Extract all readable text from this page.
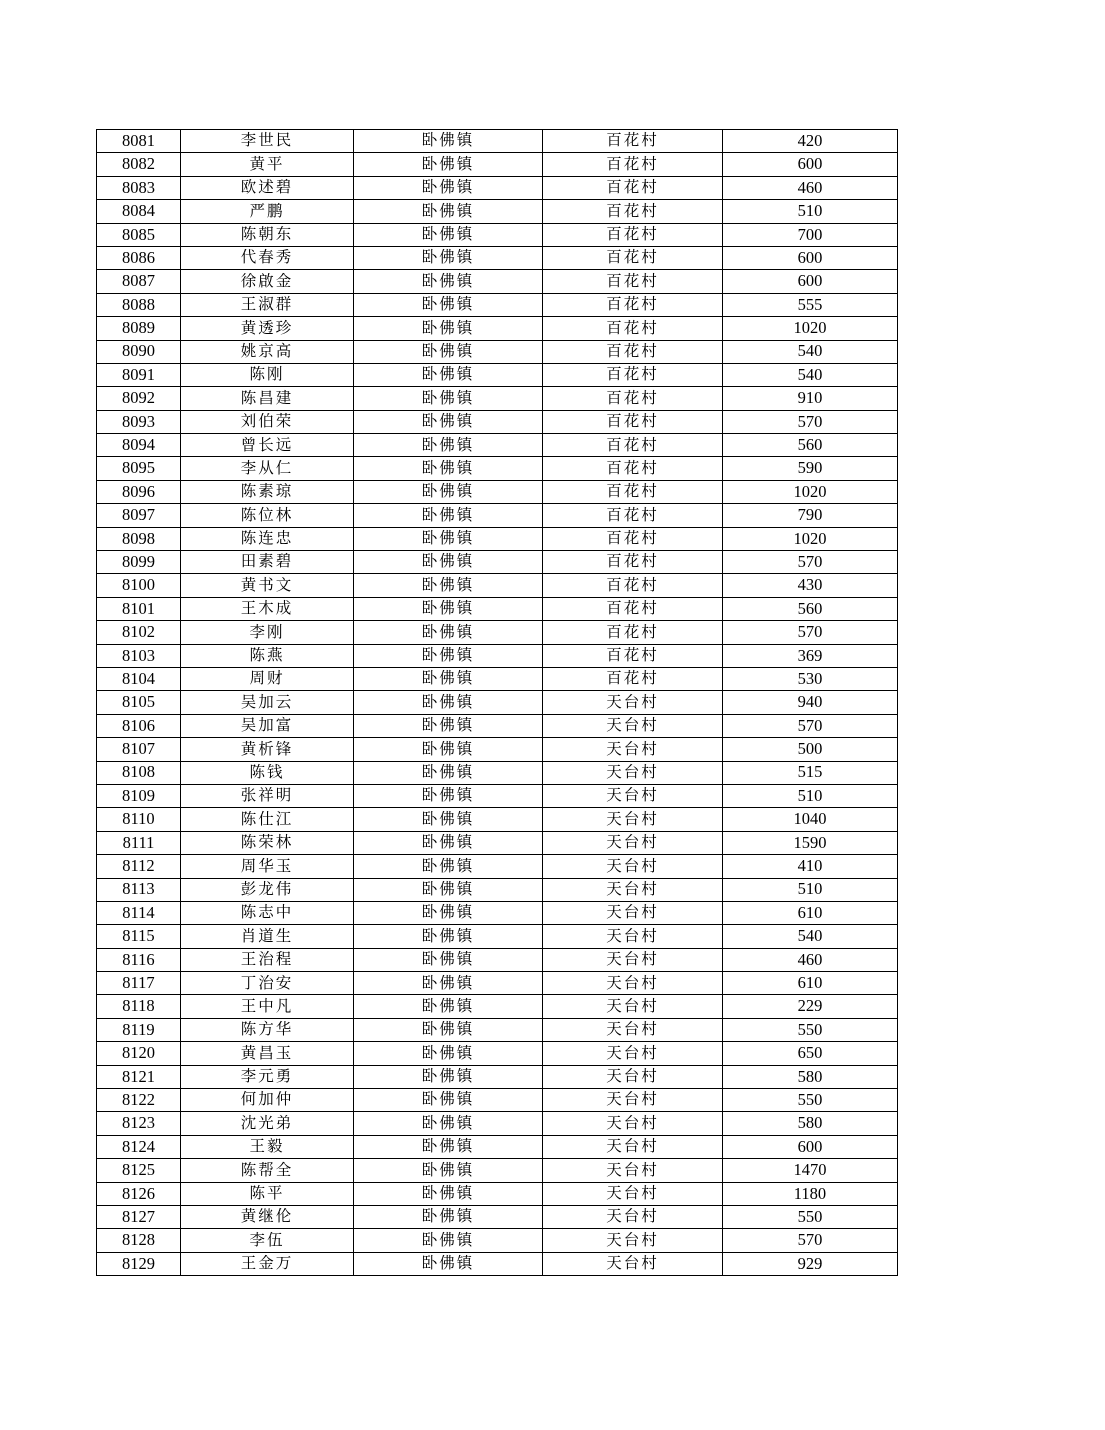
8081	李世民	卧佛镇	百花村	420
8082	黄平	卧佛镇	百花村	600
8083	欧述碧	卧佛镇	百花村	460
8084	严鹏	卧佛镇	百花村	510
8085	陈朝东	卧佛镇	百花村	700
8086	代春秀	卧佛镇	百花村	600
8087	徐啟金	卧佛镇	百花村	600
8088	王淑群	卧佛镇	百花村	555
8089	黄透珍	卧佛镇	百花村	1020
8090	姚京高	卧佛镇	百花村	540
8091	陈刚	卧佛镇	百花村	540
8092	陈昌建	卧佛镇	百花村	910
8093	刘伯荣	卧佛镇	百花村	570
8094	曾长远	卧佛镇	百花村	560
8095	李从仁	卧佛镇	百花村	590
8096	陈素琼	卧佛镇	百花村	1020
8097	陈位林	卧佛镇	百花村	790
8098	陈连忠	卧佛镇	百花村	1020
8099	田素碧	卧佛镇	百花村	570
8100	黄书文	卧佛镇	百花村	430
8101	王木成	卧佛镇	百花村	560
8102	李刚	卧佛镇	百花村	570
8103	陈燕	卧佛镇	百花村	369
8104	周财	卧佛镇	百花村	530
8105	吴加云	卧佛镇	天台村	940
8106	吴加富	卧佛镇	天台村	570
8107	黄析锋	卧佛镇	天台村	500
8108	陈钱	卧佛镇	天台村	515
8109	张祥明	卧佛镇	天台村	510
8110	陈仕江	卧佛镇	天台村	1040
8111	陈荣林	卧佛镇	天台村	1590
8112	周华玉	卧佛镇	天台村	410
8113	彭龙伟	卧佛镇	天台村	510
8114	陈志中	卧佛镇	天台村	610
8115	肖道生	卧佛镇	天台村	540
8116	王治程	卧佛镇	天台村	460
8117	丁治安	卧佛镇	天台村	610
8118	王中凡	卧佛镇	天台村	229
8119	陈方华	卧佛镇	天台村	550
8120	黄昌玉	卧佛镇	天台村	650
8121	李元勇	卧佛镇	天台村	580
8122	何加仲	卧佛镇	天台村	550
8123	沈光弟	卧佛镇	天台村	580
8124	王毅	卧佛镇	天台村	600
8125	陈帮全	卧佛镇	天台村	1470
8126	陈平	卧佛镇	天台村	1180
8127	黄继伦	卧佛镇	天台村	550
8128	李伍	卧佛镇	天台村	570
8129	王金万	卧佛镇	天台村	929
